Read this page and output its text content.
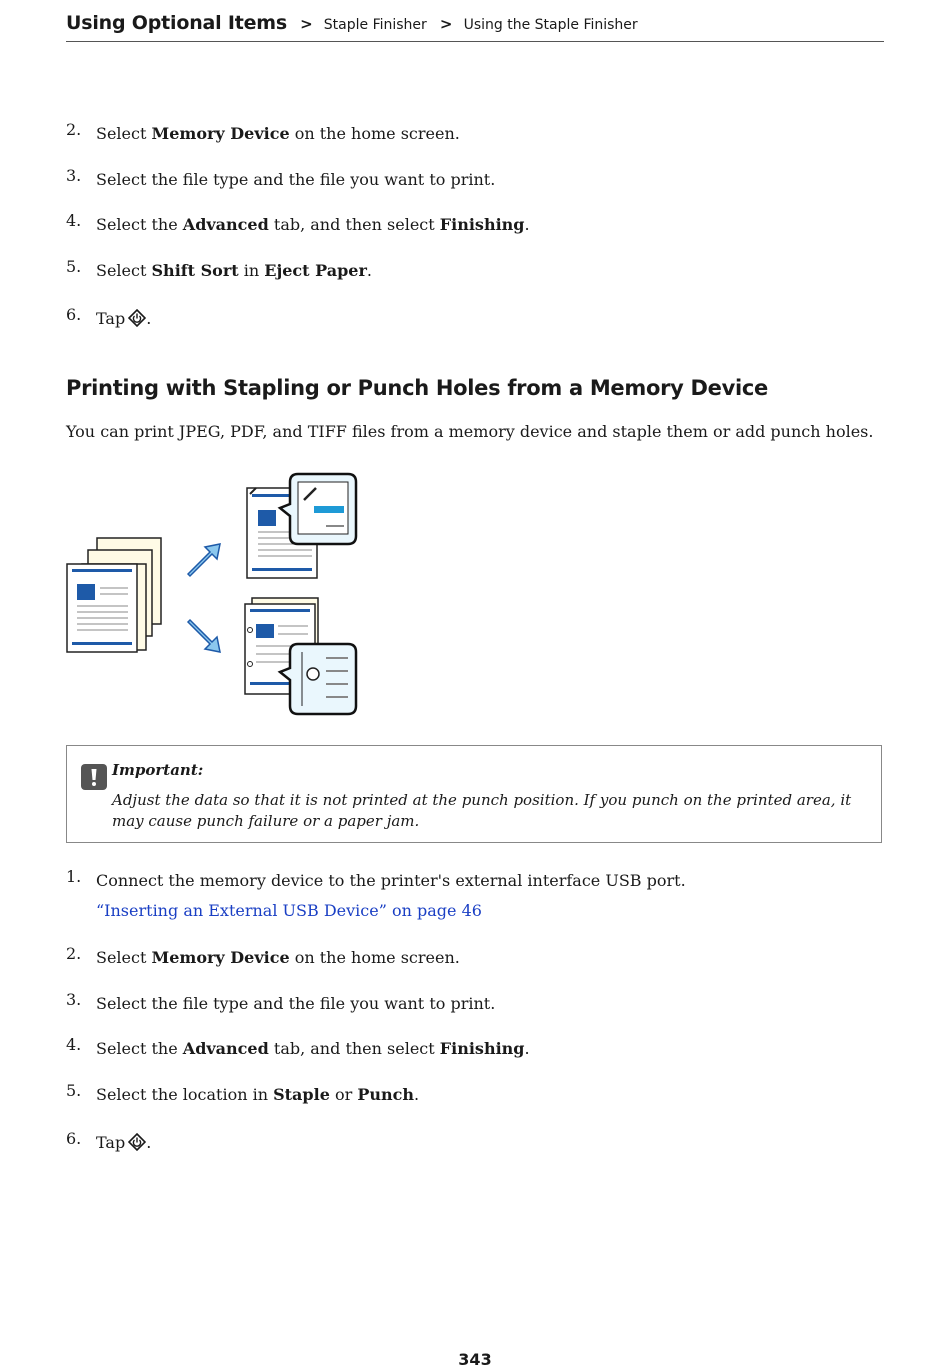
Using Optional Items > Staple Finisher > Using the Staple Finisher
2. Select Memory Device on the home screen.
3. Select the file type and the file you want to print.
4. Select the Advanced tab, and then select Finishing.
5. Select Shift Sort in Eject Paper.
6. Tap .
Printing with Stapling or Punch Holes from a Memory Device
You can print JPEG, PDF, and TIFF files from a memory device and staple them or add punch holes.
Important:
Adjust the data so that it is not printed at the punch position. If you punch on the printed area, it may cause punch failure or a paper jam.
1. Connect the memory device to the printer's external interface USB port.
“Inserting an External USB Device” on page 46
2. Select Memory Device on the home screen.
3. Select the file type and the file you want to print.
4. Select the Advanced tab, and then select Finishing.
5. Select the location in Staple or Punch.
6. Tap .
343
